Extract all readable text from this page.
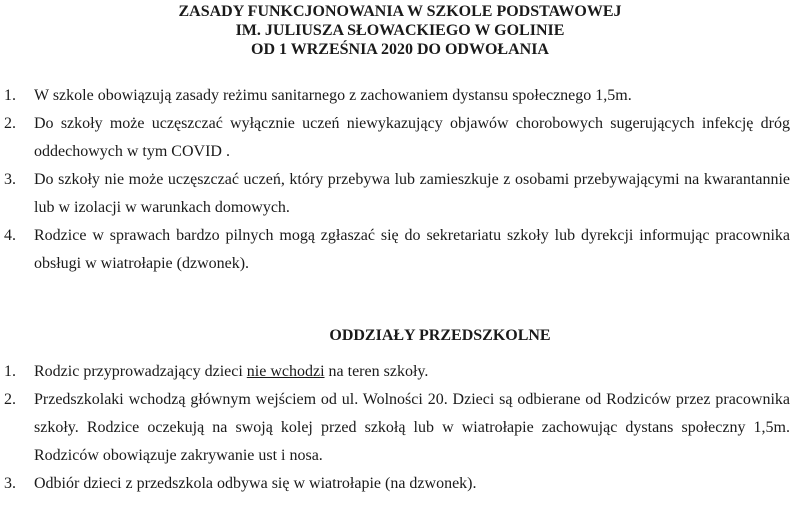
ZASADY FUNKCJONOWANIA W SZKOLE PODSTAWOWEJ
IM. JULIUSZA SŁOWACKIEGO W GOLINIE
OD 1 WRZEŚNIA 2020 DO ODWOŁANIA
1. W szkole obowiązują zasady reżimu sanitarnego z zachowaniem dystansu społecznego 1,5m.
2. Do szkoły może uczęszczać wyłącznie uczeń niewykazujący objawów chorobowych sugerujących infekcję dróg oddechowych w tym COVID .
3. Do szkoły nie może uczęszczać uczeń, który przebywa lub zamieszkuje z osobami przebywającymi na kwarantannie lub w izolacji w warunkach domowych.
4. Rodzice w sprawach bardzo pilnych mogą zgłaszać się do sekretariatu szkoły lub dyrekcji informując pracownika obsługi w wiatrołapie (dzwonek).
ODDZIAŁY PRZEDSZKOLNE
1. Rodzic przyprowadzający dzieci nie wchodzi na teren szkoły.
2. Przedszkolaki wchodzą głównym wejściem od ul. Wolności 20. Dzieci są odbierane od Rodziców przez pracownika szkoły. Rodzice oczekują na swoją kolej przed szkołą lub w wiatrołapie zachowując dystans społeczny 1,5m. Rodziców obowiązuje zakrywanie ust i nosa.
3. Odbiór dzieci z przedszkola odbywa się w wiatrołapie (na dzwonek).
